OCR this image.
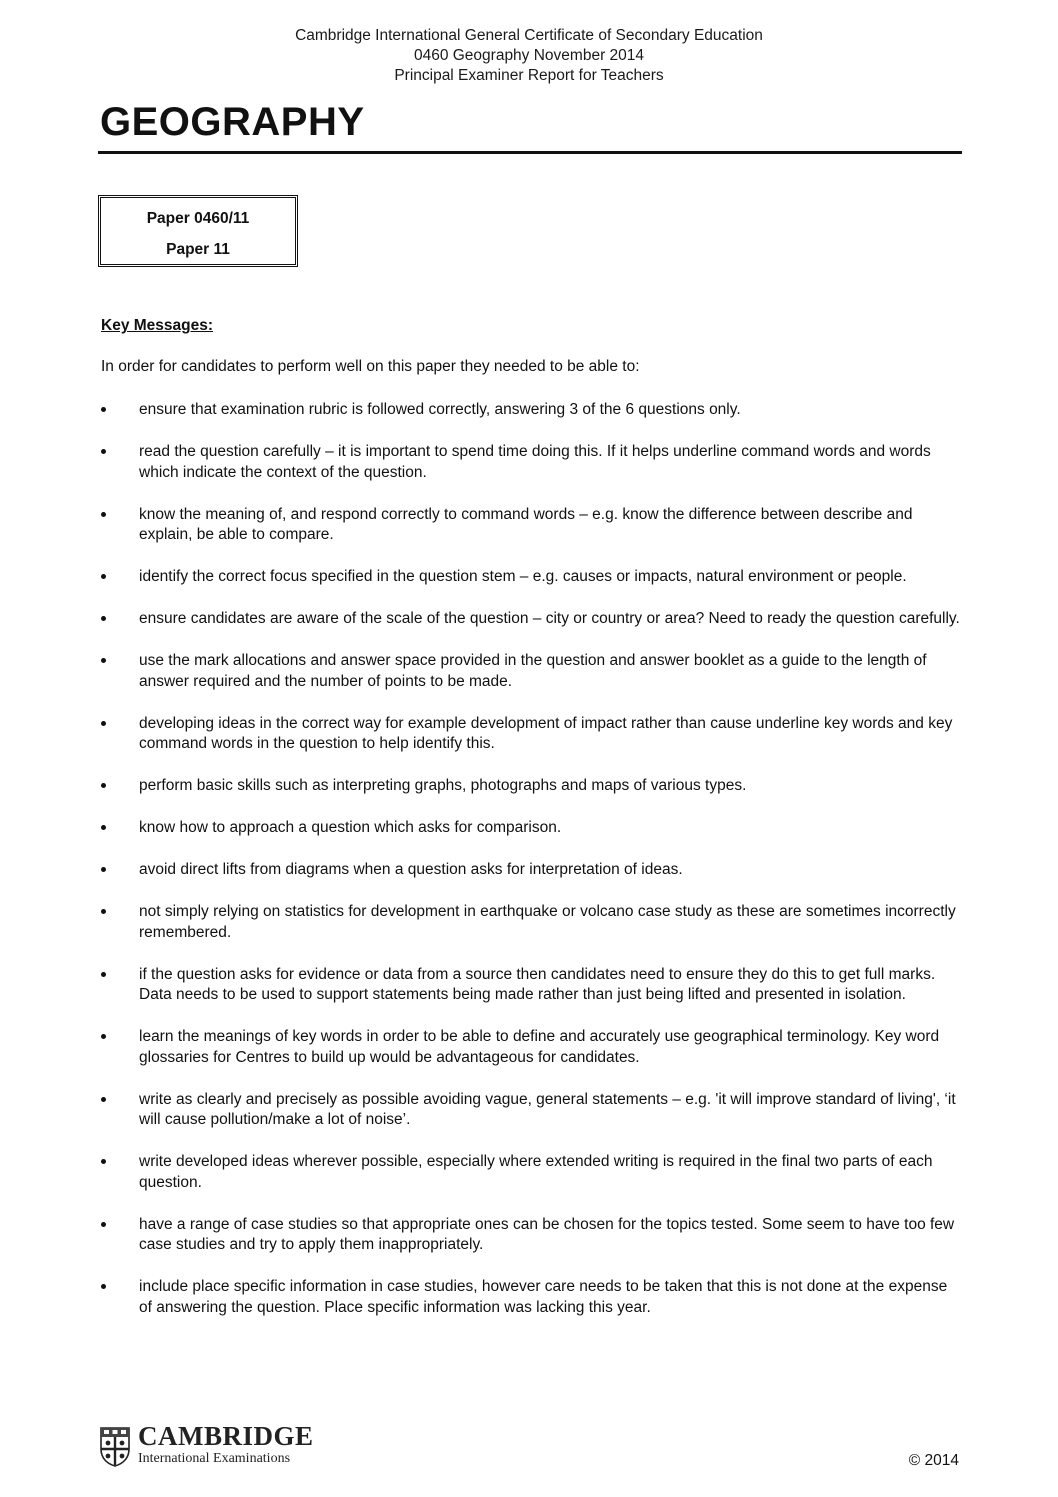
Cambridge International General Certificate of Secondary Education
0460 Geography November 2014
Principal Examiner Report for Teachers
GEOGRAPHY
Paper 0460/11
Paper 11
Key Messages:
In order for candidates to perform well on this paper they needed to be able to:
ensure that examination rubric is followed correctly, answering 3 of the 6 questions only.
read the question carefully – it is important to spend time doing this. If it helps underline command words and words which indicate the context of the question.
know the meaning of, and respond correctly to command words – e.g. know the difference between describe and explain, be able to compare.
identify the correct focus specified in the question stem – e.g. causes or impacts, natural environment or people.
ensure candidates are aware of the scale of the question – city or country or area? Need to ready the question carefully.
use the mark allocations and answer space provided in the question and answer booklet as a guide to the length of answer required and the number of points to be made.
developing ideas in the correct way for example development of impact rather than cause underline key words and key command words in the question to help identify this.
perform basic skills such as interpreting graphs, photographs and maps of various types.
know how to approach a question which asks for comparison.
avoid direct lifts from diagrams when a question asks for interpretation of ideas.
not simply relying on statistics for development in earthquake or volcano case study as these are sometimes incorrectly remembered.
if the question asks for evidence or data from a source then candidates need to ensure they do this to get full marks. Data needs to be used to support statements being made rather than just being lifted and presented in isolation.
learn the meanings of key words in order to be able to define and accurately use geographical terminology. Key word glossaries for Centres to build up would be advantageous for candidates.
write as clearly and precisely as possible avoiding vague, general statements – e.g. 'it will improve standard of living', ‘it will cause pollution/make a lot of noise’.
write developed ideas wherever possible, especially where extended writing is required in the final two parts of each question.
have a range of case studies so that appropriate ones can be chosen for the topics tested. Some seem to have too few case studies and try to apply them inappropriately.
include place specific information in case studies, however care needs to be taken that this is not done at the expense of answering the question. Place specific information was lacking this year.
CAMBRIDGE
International Examinations	© 2014
